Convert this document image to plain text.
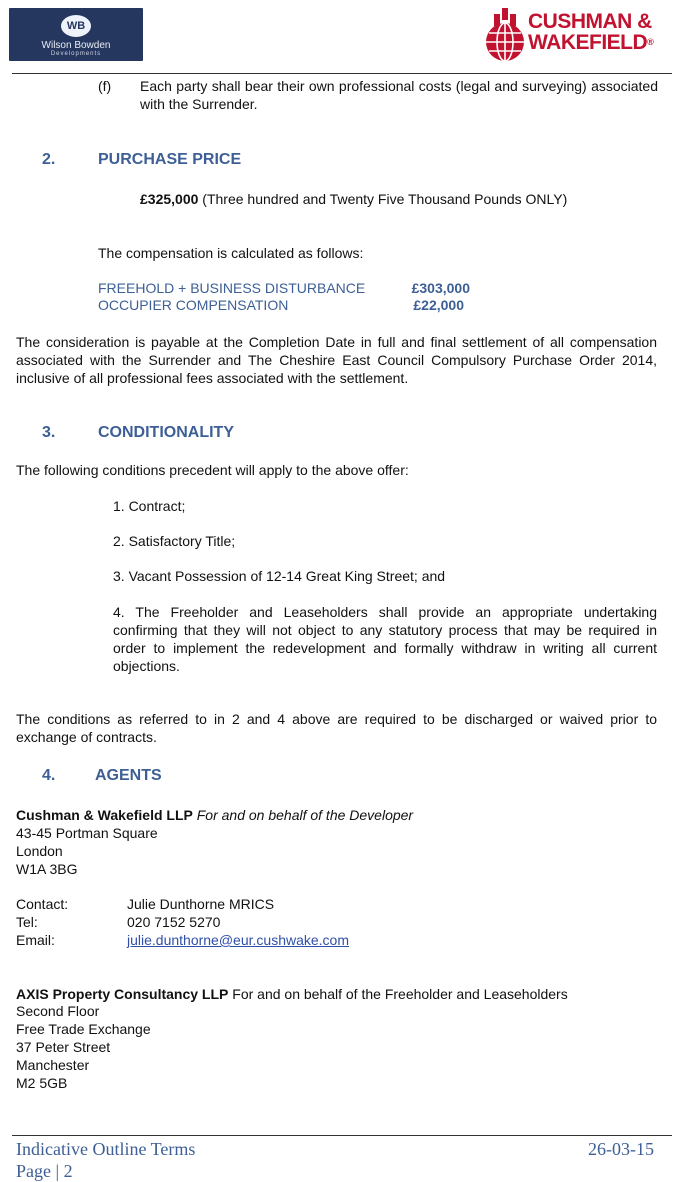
WB
Wilson Bowden
Developments
CUSHMAN &
WAKEFIELD®
(f) Each party shall bear their own professional costs (legal and surveying) associated with the Surrender.
2.	PURCHASE PRICE
£325,000 (Three hundred and Twenty Five Thousand Pounds ONLY)
The compensation is calculated as follows:
FREEHOLD + BUSINESS DISTURBANCE	£303,000
OCCUPIER COMPENSATION	£22,000
The consideration is payable at the Completion Date in full and final settlement of all compensation associated with the Surrender and The Cheshire East Council Compulsory Purchase Order 2014, inclusive of all professional fees associated with the settlement.
3.	CONDITIONALITY
The following conditions precedent will apply to the above offer:
1. Contract;
2. Satisfactory Title;
3. Vacant Possession of 12-14 Great King Street; and
4. The Freeholder and Leaseholders shall provide an appropriate undertaking confirming that they will not object to any statutory process that may be required in order to implement the redevelopment and formally withdraw in writing all current objections.
The conditions as referred to in 2 and 4 above are required to be discharged or waived prior to exchange of contracts.
4. AGENTS
Cushman & Wakefield LLP For and on behalf of the Developer
43-45 Portman Square
London
W1A 3BG
Contact:	Julie Dunthorne MRICS
Tel:	020 7152 5270
Email:	julie.dunthorne@eur.cushwake.com
AXIS Property Consultancy LLP For and on behalf of the Freeholder and Leaseholders
Second Floor
Free Trade Exchange
37 Peter Street
Manchester
M2 5GB
Indicative Outline Terms	26-03-15
Page | 2
